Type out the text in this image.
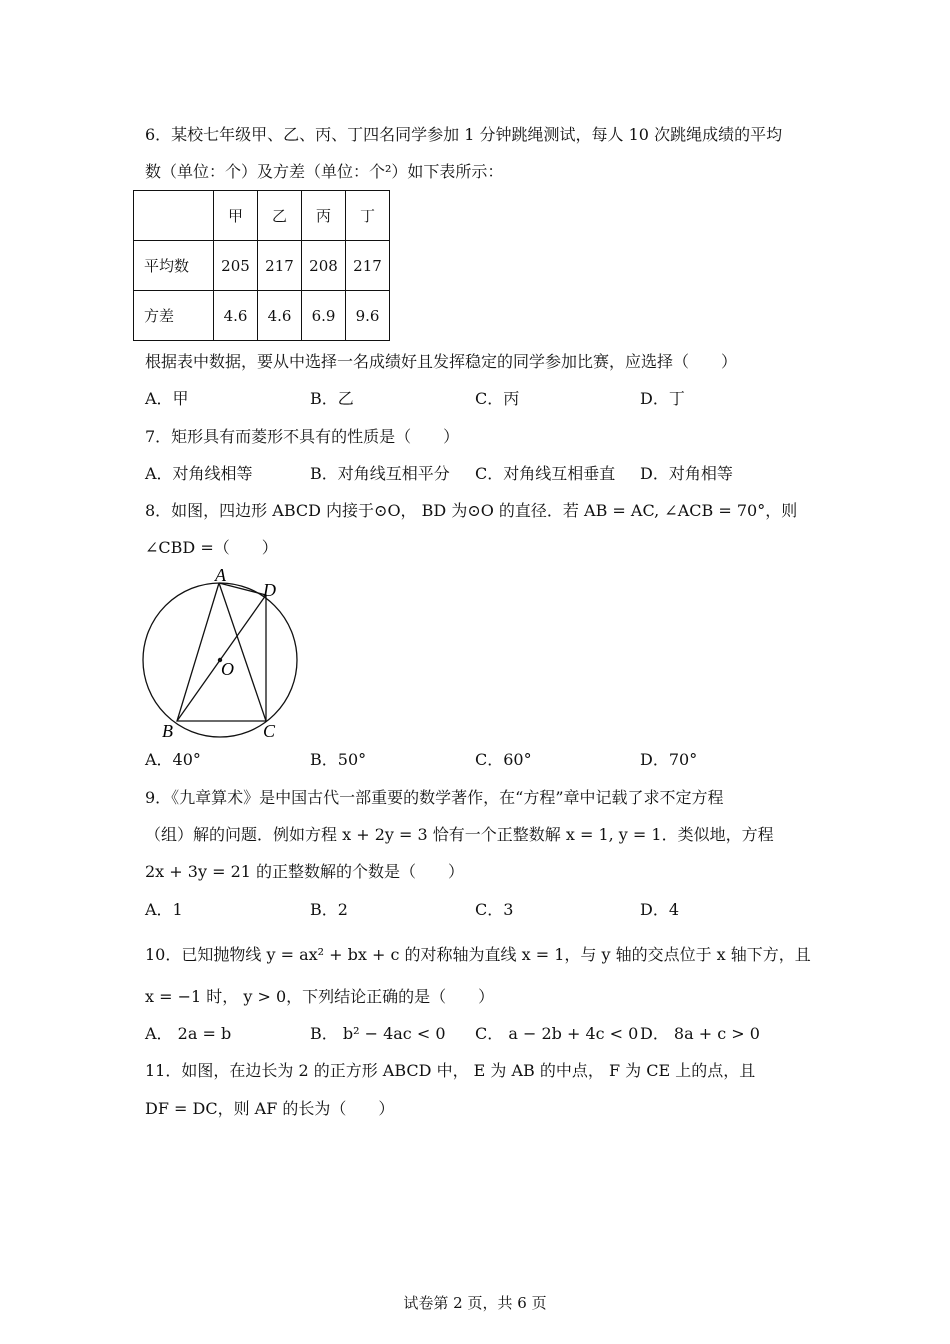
6．某校七年级甲、乙、丙、丁四名同学参加 1 分钟跳绳测试，每人 10 次跳绳成绩的平均
数（单位：个）及方差（单位：个²）如下表所示：
	甲	乙	丙	丁
平均数	205	217	208	217
方差	4.6	4.6	6.9	9.6
根据表中数据，要从中选择一名成绩好且发挥稳定的同学参加比赛，应选择（　　）
A．甲	B．乙	C．丙	D．丁
7．矩形具有而菱形不具有的性质是（　　）
A．对角线相等	B．对角线互相平分 C．对角线互相垂直 D．对角相等
8．如图，四边形 ABCD 内接于⊙O， BD 为⊙O 的直径．若 AB = AC, ∠ACB = 70°，则
∠CBD =（　　）
A
D
O
B	C
A．40°	B．50°	C．60°	D．70°
9．《九章算术》是中国古代一部重要的数学著作，在“方程”章中记载了求不定方程
（组）解的问题．例如方程 x + 2y = 3 恰有一个正整数解 x = 1, y = 1．类似地，方程
2x + 3y = 21 的正整数解的个数是（　　）
A．1	B．2	C．3	D．4
10．已知抛物线 y = ax² + bx + c 的对称轴为直线 x = 1，与 y 轴的交点位于 x 轴下方，且
x = −1 时， y > 0，下列结论正确的是（　　）
A． 2a = b	B． b² − 4ac < 0 C． a − 2b + 4c < 0 D． 8a + c > 0
11．如图，在边长为 2 的正方形 ABCD 中， E 为 AB 的中点， F 为 CE 上的点，且
DF = DC，则 AF 的长为（　　）
试卷第 2 页，共 6 页
